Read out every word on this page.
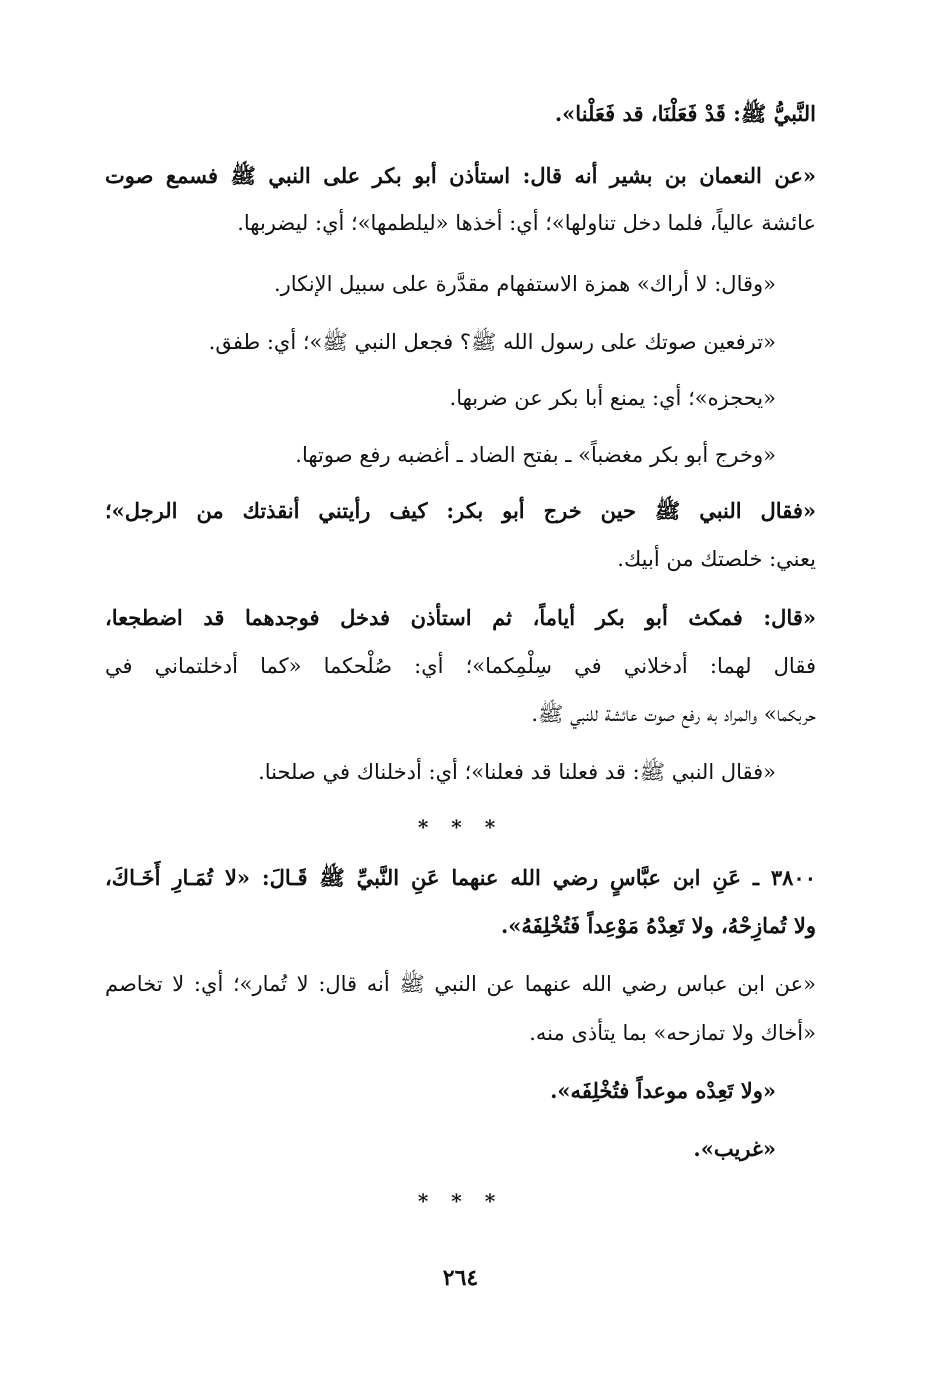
النَّبيُّ ﷺ: قَدْ فَعَلْنَا، قد فَعَلْنا».
«عن النعمان بن بشير أنه قال: استأذن أبو بكر على النبي ﷺ فسمع صوت
عائشة عالياً، فلما دخل تناولها»؛ أي: أخذها «ليلطمها»؛ أي: ليضربها.
«وقال: لا أراك» همزة الاستفهام مقدَّرة على سبيل الإنكار.
«ترفعين صوتك على رسول الله ﷺ؟ فجعل النبي ﷺ»؛ أي: طفق.
«يحجزه»؛ أي: يمنع أبا بكر عن ضربها.
«وخرج أبو بكر مغضباً» ـ بفتح الضاد ـ أغضبه رفع صوتها.
«فقال النبي ﷺ حين خرج أبو بكر: كيف رأيتني أنقذتك من الرجل»؛
يعني: خلصتك من أبيك.
«قال: فمكث أبو بكر أياماً، ثم استأذن فدخل فوجدهما قد اضطجعا،
فقال لهما: أدخلاني في سِلْمِكما»؛ أي: صُلْحكما «كما أدخلتماني في
حربكما» والمراد به رفع صوت عائشة للنبي ﷺ.
«فقال النبي ﷺ: قد فعلنا قد فعلنا»؛ أي: أدخلناك في صلحنا.
* * *
٣٨٠٠ ـ عَنِ ابن عبَّاسٍ رضي الله عنهما عَنِ النَّبيِّ ﷺ قَـالَ: «لا تُمَـارِ أَخَـاكَ،
ولا تُمازِحْهُ، ولا تَعِدْهُ مَوْعِداً فَتُخْلِفَهُ».
«عن ابن عباس رضي الله عنهما عن النبي ﷺ أنه قال: لا تُمار»؛ أي: لا تخاصم
«أخاك ولا تمازحه» بما يتأذى منه.
«ولا تَعِدْه موعداً فتُخْلِفَه».
«غريب».
* * *
٢٦٤
